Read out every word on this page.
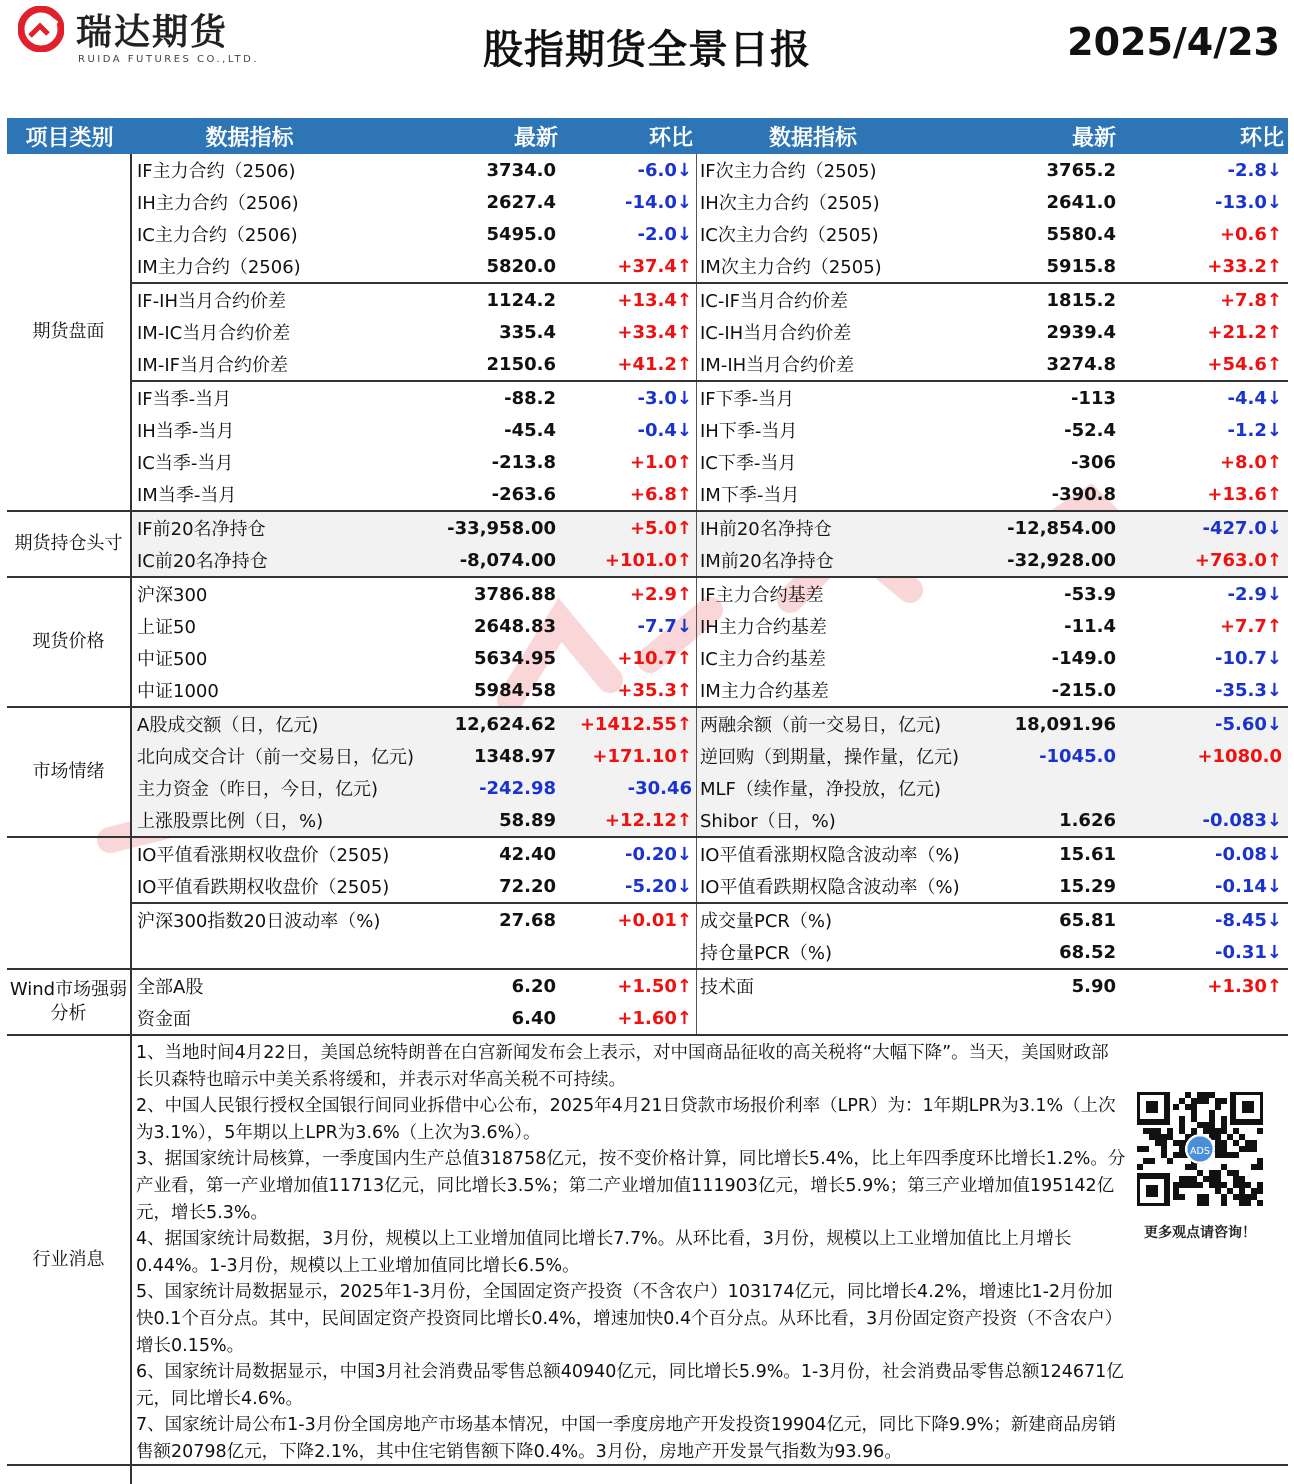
瑞达期货
RUIDA FUTURES CO.,LTD.	股指期货全景日报	2025/4/23
项目类别	数据指标	最新	环比	数据指标	最新	环比
期货盘面
IF主力合约（2506)	3734.0	-6.0↓ IF次主力合约（2505)	3765.2	-2.8↓
IH主力合约（2506)	2627.4	-14.0↓ IH次主力合约（2505)	2641.0	-13.0↓
IC主力合约（2506)	5495.0	-2.0↓ IC次主力合约（2505)	5580.4	+0.6↑
IM主力合约（2506)	5820.0	+37.4↑ IM次主力合约（2505)	5915.8	+33.2↑
IF-IH当月合约价差	1124.2	+13.4↑ IC-IF当月合约价差	1815.2	+7.8↑
IM-IC当月合约价差	335.4	+33.4↑ IC-IH当月合约价差	2939.4	+21.2↑
IM-IF当月合约价差	2150.6	+41.2↑ IM-IH当月合约价差	3274.8	+54.6↑
IF当季-当月	-88.2	-3.0↓ IF下季-当月	-113	-4.4↓
IH当季-当月	-45.4	-0.4↓ IH下季-当月	-52.4	-1.2↓
IC当季-当月	-213.8	+1.0↑ IC下季-当月	-306	+8.0↑
IM当季-当月	-263.6	+6.8↑ IM下季-当月	-390.8	+13.6↑
期货持仓头寸
IF前20名净持仓	-33,958.00	+5.0↑ IH前20名净持仓	-12,854.00	-427.0↓
IC前20名净持仓	-8,074.00	+101.0↑ IM前20名净持仓	-32,928.00	+763.0↑
现货价格
沪深300	3786.88	+2.9↑ IF主力合约基差	-53.9	-2.9↓
上证50	2648.83	-7.7↓ IH主力合约基差	-11.4	+7.7↑
中证500	5634.95	+10.7↑ IC主力合约基差	-149.0	-10.7↓
中证1000	5984.58	+35.3↑ IM主力合约基差	-215.0	-35.3↓
市场情绪
A股成交额（日，亿元)	12,624.62	+1412.55↑ 两融余额（前一交易日，亿元)	18,091.96	-5.60↓
北向成交合计（前一交易日，亿元)	1348.97	+171.10↑ 逆回购（到期量，操作量，亿元)	-1045.0	+1080.0
主力资金（昨日，今日，亿元)	-242.98	-30.46 MLF（续作量，净投放，亿元)
上涨股票比例（日，%)	58.89	+12.12↑ Shibor（日，%)	1.626	-0.083↓
IO平值看涨期权收盘价（2505)	42.40	-0.20↓ IO平值看涨期权隐含波动率（%)	15.61	-0.08↓
IO平值看跌期权收盘价（2505)	72.20	-5.20↓ IO平值看跌期权隐含波动率（%)	15.29	-0.14↓
沪深300指数20日波动率（%)	27.68	+0.01↑ 成交量PCR（%)	65.81	-8.45↓
持仓量PCR（%)	68.52	-0.31↓
Wind市场强弱分析
全部A股	6.20	+1.50↑ 技术面	5.90	+1.30↑
资金面	6.40	+1.60↑
行业消息

1、当地时间4月22日，美国总统特朗普在白宫新闻发布会上表示，对中国商品征收的高关税将“大幅下降”。当天，美国财政部长贝森特也暗示中美关系将缓和，并表示对华高关税不可持续。

2、中国人民银行授权全国银行间同业拆借中心公布，2025年4月21日贷款市场报价利率（LPR）为：1年期LPR为3.1%（上次为3.1%），5年期以上LPR为3.6%（上次为3.6%）。

3、据国家统计局核算，一季度国内生产总值318758亿元，按不变价格计算，同比增长5.4%，比上年四季度环比增长1.2%。分产业看，第一产业增加值11713亿元，同比增长3.5%；第二产业增加值111903亿元，增长5.9%；第三产业增加值195142亿元，增长5.3%。

4、据国家统计局数据，3月份，规模以上工业增加值同比增长7.7%。从环比看，3月份，规模以上工业增加值比上月增长0.44%。1-3月份，规模以上工业增加值同比增长6.5%。

5、国家统计局数据显示，2025年1-3月份，全国固定资产投资（不含农户）103174亿元，同比增长4.2%，增速比1-2月份加快0.1个百分点。其中，民间固定资产投资同比增长0.4%，增速加快0.4个百分点。从环比看，3月份固定资产投资（不含农户）增长0.15%。

6、国家统计局数据显示，中国3月社会消费品零售总额40940亿元，同比增长5.9%。1-3月份，社会消费品零售总额124671亿元，同比增长4.6%。

7、国家统计局公布1-3月份全国房地产市场基本情况，中国一季度房地产开发投资19904亿元，同比下降9.9%；新建商品房销售额20798亿元，下降2.1%，其中住宅销售额下降0.4%。3月份，房地产开发景气指数为93.96。

ADS
更多观点请咨询！
